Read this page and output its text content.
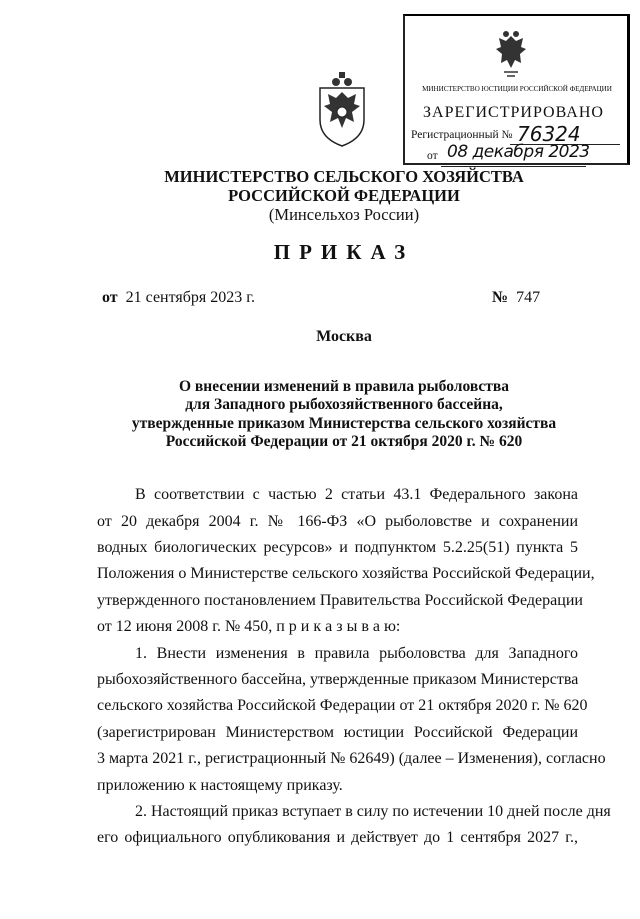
МИНИСТЕРСТВО ЮСТИЦИИ РОССИЙСКОЙ ФЕДЕРАЦИИ
ЗАРЕГИСТРИРОВАНО
Регистрационный № 76324
от 08 декабря 2023
МИНИСТЕРСТВО СЕЛЬСКОГО ХОЗЯЙСТВА
РОССИЙСКОЙ ФЕДЕРАЦИИ
(Минсельхоз России)
ПРИКАЗ
от 21 сентября 2023 г.	№ 747
Москва
О внесении изменений в правила рыболовства
для Западного рыбохозяйственного бассейна,
утвержденные приказом Министерства сельского хозяйства
Российской Федерации от 21 октября 2020 г. № 620
В соответствии с частью 2 статьи 43.1 Федерального закона
от 20 декабря 2004 г. № 166-ФЗ «О рыболовстве и сохранении
водных биологических ресурсов» и подпунктом 5.2.25(51) пункта 5
Положения о Министерстве сельского хозяйства Российской Федерации,
утвержденного постановлением Правительства Российской Федерации
от 12 июня 2008 г. № 450, п р и к а з ы в а ю:
1. Внести изменения в правила рыболовства для Западного
рыбохозяйственного бассейна, утвержденные приказом Министерства
сельского хозяйства Российской Федерации от 21 октября 2020 г. № 620
(зарегистрирован Министерством юстиции Российской Федерации
3 марта 2021 г., регистрационный № 62649) (далее – Изменения), согласно
приложению к настоящему приказу.
2. Настоящий приказ вступает в силу по истечении 10 дней после дня
его официального опубликования и действует до 1 сентября 2027 г.,
